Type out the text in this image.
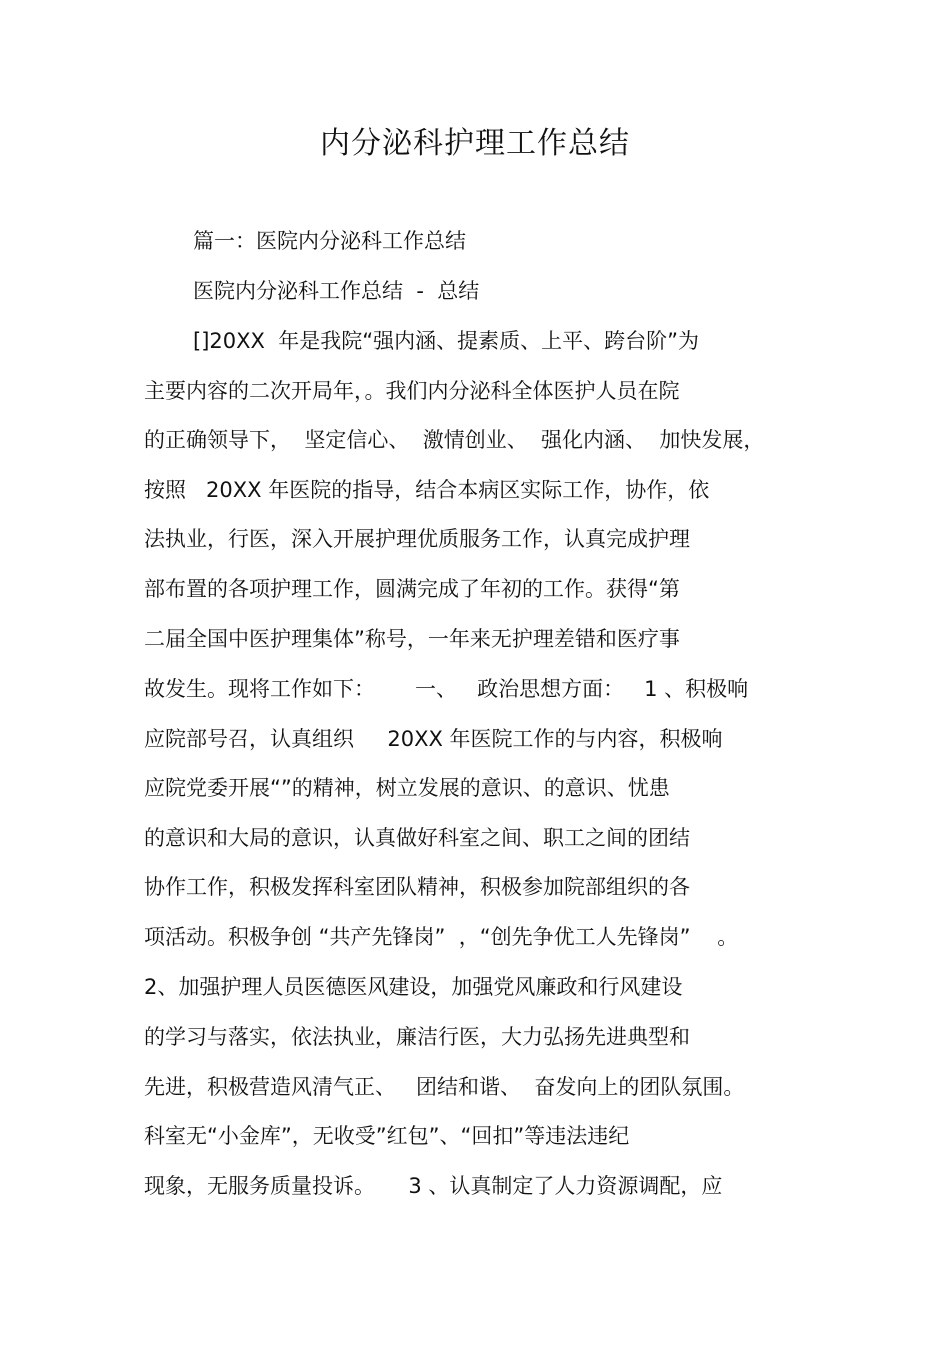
内分泌科护理工作总结
篇一：医院内分泌科工作总结
医院内分泌科工作总结  -  总结
[]20XX  年是我院“强内涵、提素质、上平、跨台阶”为
主要内容的二次开局年，。我们内分泌科全体医护人员在院
的正确领导下，  坚定信心、  激情创业、  强化内涵、  加快发展，
按照   20XX 年医院的指导，结合本病区实际工作，协作，依
法执业，行医，深入开展护理优质服务工作，认真完成护理
部布置的各项护理工作，圆满完成了年初的工作。获得“第
二届全国中医护理集体”称号，一年来无护理差错和医疗事
故发生。现将工作如下：      一、   政治思想方面：   1 、积极响
应院部号召，认真组织     20XX 年医院工作的与内容，积极响
应院党委开展“”的精神，树立发展的意识、的意识、忧患
的意识和大局的意识，认真做好科室之间、职工之间的团结
协作工作，积极发挥科室团队精神，积极参加院部组织的各
项活动。积极争创 “共产先锋岗”  ，“创先争优工人先锋岗”    。
2、加强护理人员医德医风建设，加强党风廉政和行风建设
的学习与落实，依法执业，廉洁行医，大力弘扬先进典型和
先进，积极营造风清气正、   团结和谐、  奋发向上的团队氛围。
科室无“小金库”，无收受”红包”、“回扣”等违法违纪
现象，无服务质量投诉。     3 、认真制定了人力资源调配，应
